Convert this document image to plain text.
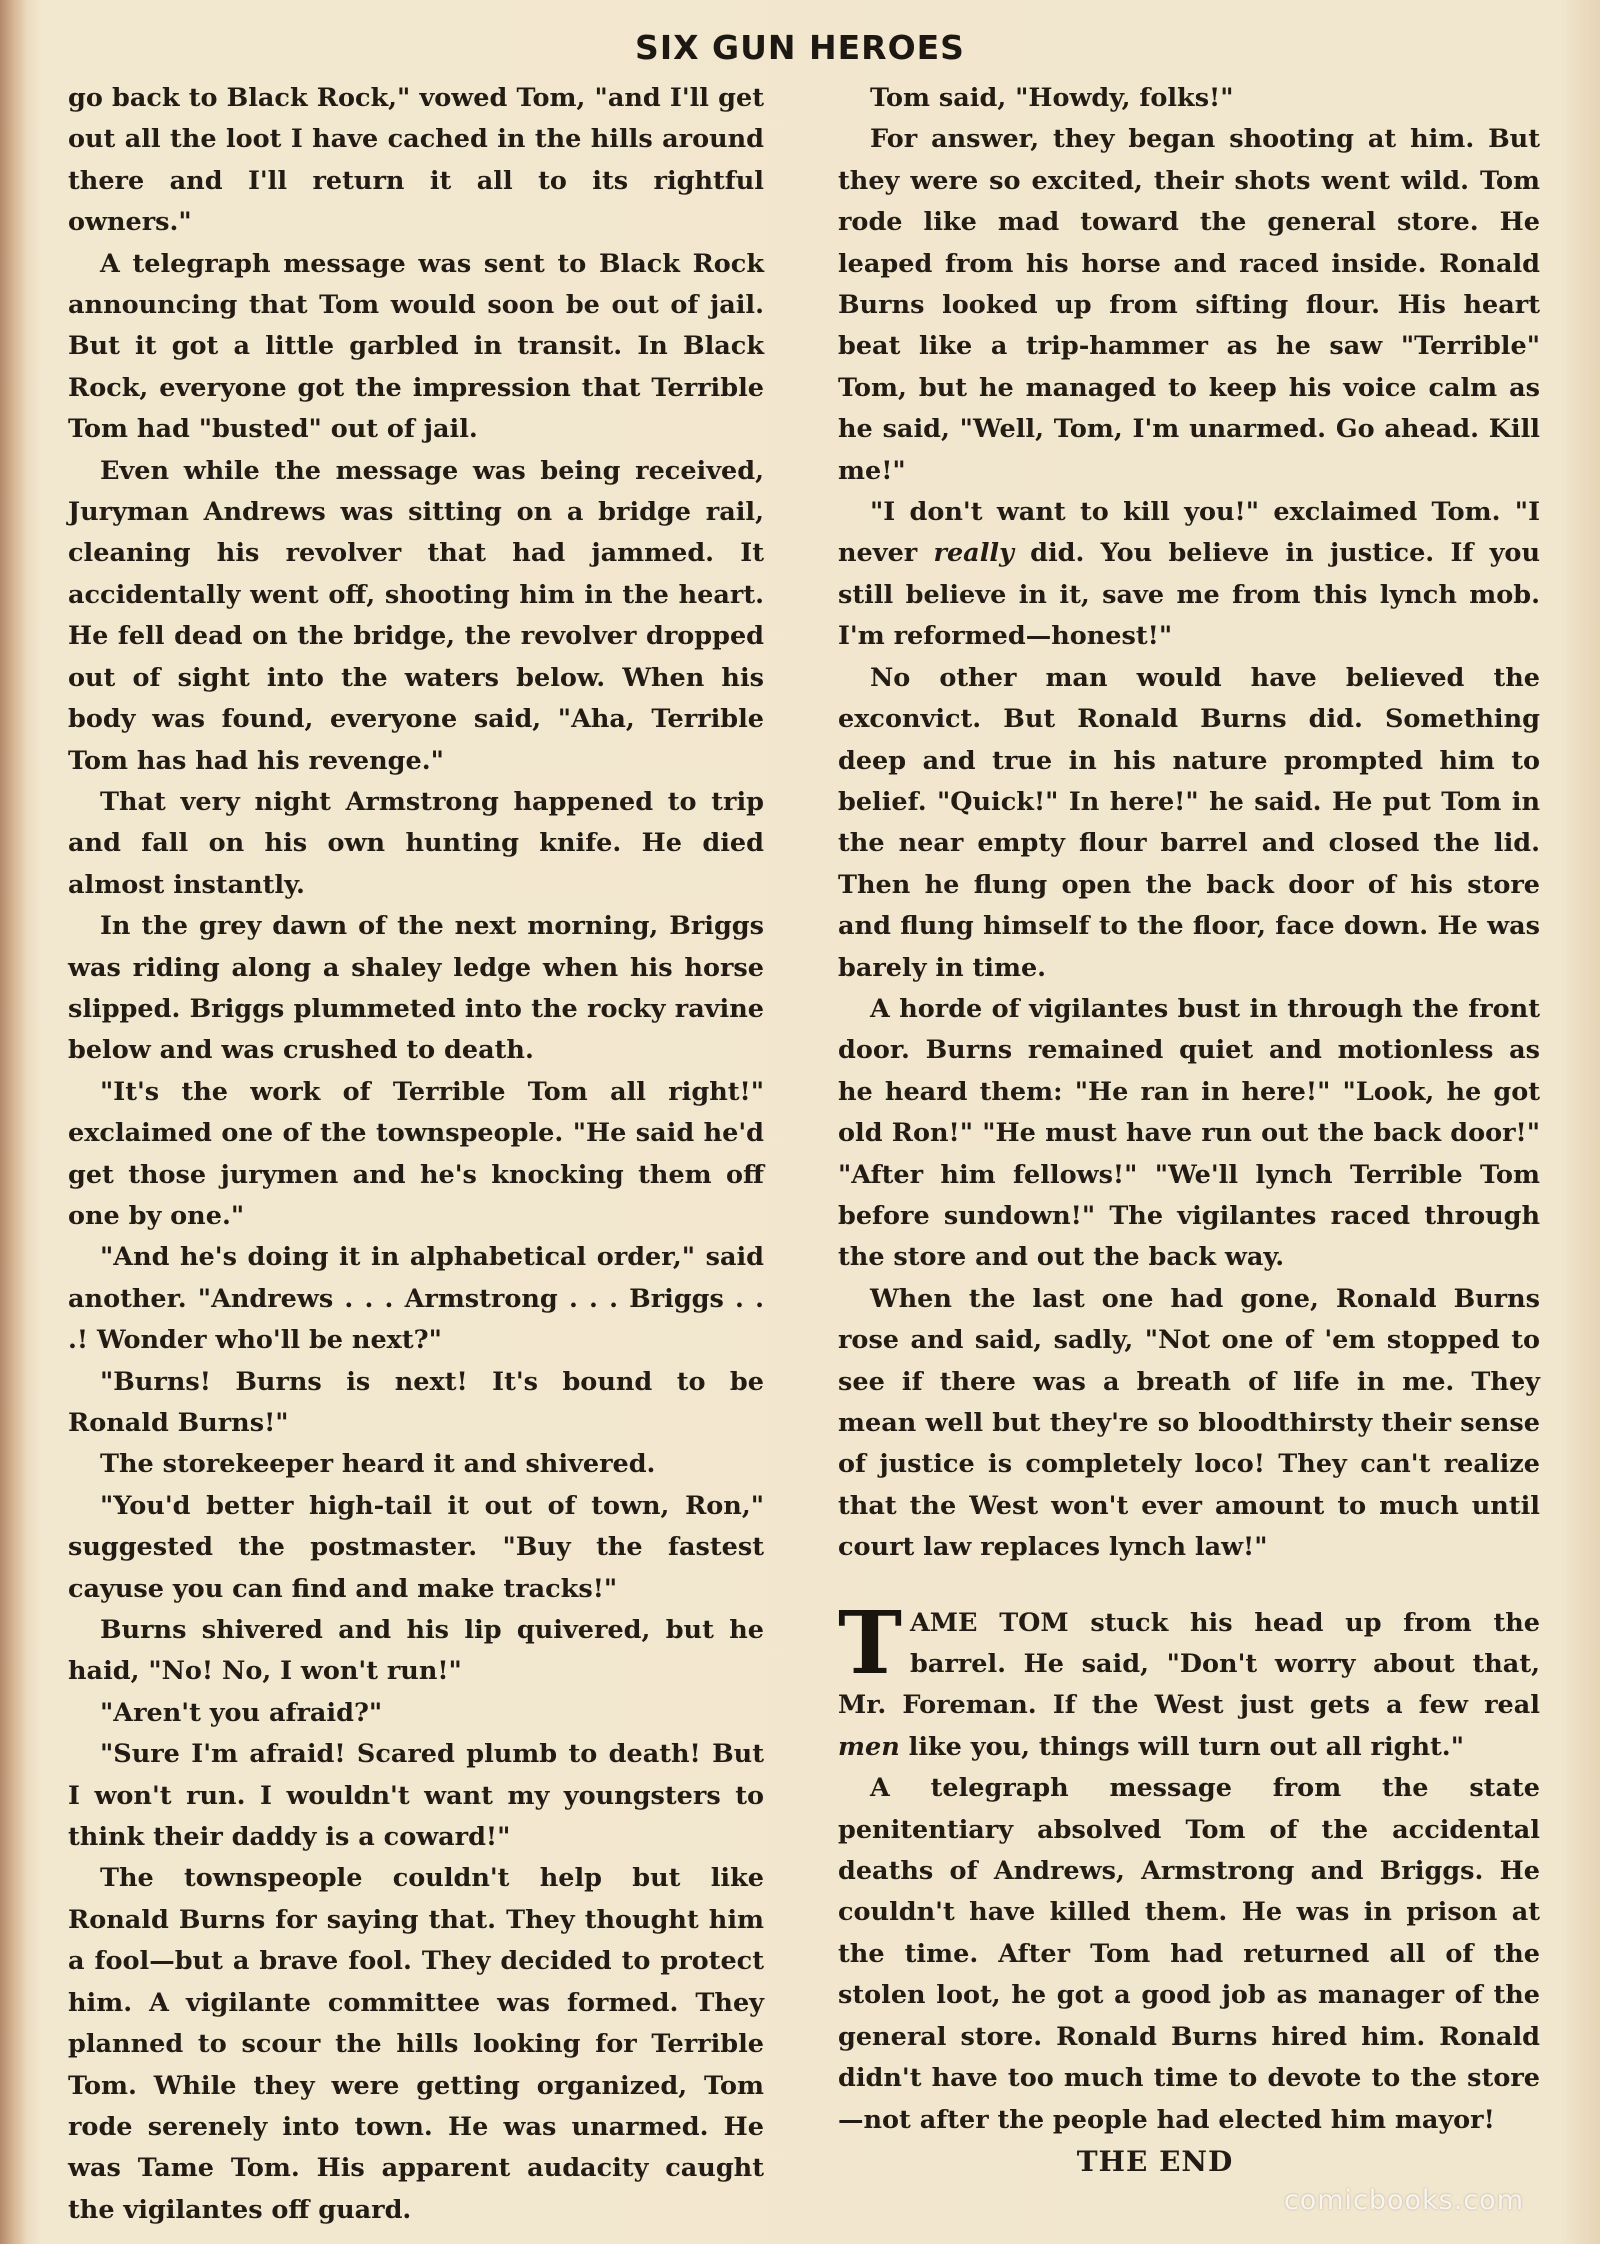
SIX GUN HEROES

go back to Black Rock," vowed Tom, "and I'll get out all the loot I have cached in the hills around there and I'll return it all to its rightful owners."

A telegraph message was sent to Black Rock announcing that Tom would soon be out of jail. But it got a little garbled in transit. In Black Rock, everyone got the impression that Terrible Tom had "busted" out of jail.

Even while the message was being received, Juryman Andrews was sitting on a bridge rail, cleaning his revolver that had jammed. It accidentally went off, shooting him in the heart. He fell dead on the bridge, the revolver dropped out of sight into the waters below. When his body was found, everyone said, "Aha, Terrible Tom has had his revenge."

That very night Armstrong happened to trip and fall on his own hunting knife. He died almost instantly.

In the grey dawn of the next morning, Briggs was riding along a shaley ledge when his horse slipped. Briggs plummeted into the rocky ravine below and was crushed to death.

"It's the work of Terrible Tom all right!" exclaimed one of the townspeople. "He said he'd get those jurymen and he's knocking them off one by one."

"And he's doing it in alphabetical order," said another. "Andrews . . . Armstrong . . . Briggs . . .! Wonder who'll be next?"

"Burns! Burns is next! It's bound to be Ronald Burns!"

The storekeeper heard it and shivered.

"You'd better high-tail it out of town, Ron," suggested the postmaster. "Buy the fastest cayuse you can find and make tracks!"

Burns shivered and his lip quivered, but he haid, "No! No, I won't run!"

"Aren't you afraid?"

"Sure I'm afraid! Scared plumb to death! But I won't run. I wouldn't want my youngsters to think their daddy is a coward!"

The townspeople couldn't help but like Ronald Burns for saying that. They thought him a fool—but a brave fool. They decided to protect him. A vigilante committee was formed. They planned to scour the hills looking for Terrible Tom. While they were getting organized, Tom rode serenely into town. He was unarmed. He was Tame Tom. His apparent audacity caught the vigilantes off guard.

Tom said, "Howdy, folks!"

For answer, they began shooting at him. But they were so excited, their shots went wild. Tom rode like mad toward the general store. He leaped from his horse and raced inside. Ronald Burns looked up from sifting flour. His heart beat like a trip-hammer as he saw "Terrible" Tom, but he managed to keep his voice calm as he said, "Well, Tom, I'm unarmed. Go ahead. Kill me!"

"I don't want to kill you!" exclaimed Tom. "I never really did. You believe in justice. If you still believe in it, save me from this lynch mob. I'm reformed—honest!"

No other man would have believed the exconvict. But Ronald Burns did. Something deep and true in his nature prompted him to belief. "Quick!" In here!" he said. He put Tom in the near empty flour barrel and closed the lid. Then he flung open the back door of his store and flung himself to the floor, face down. He was barely in time.

A horde of vigilantes bust in through the front door. Burns remained quiet and motionless as he heard them: "He ran in here!" "Look, he got old Ron!" "He must have run out the back door!" "After him fellows!" "We'll lynch Terrible Tom before sundown!" The vigilantes raced through the store and out the back way.

When the last one had gone, Ronald Burns rose and said, sadly, "Not one of 'em stopped to see if there was a breath of life in me. They mean well but they're so bloodthirsty their sense of justice is completely loco! They can't realize that the West won't ever amount to much until court law replaces lynch law!"

TAME TOM stuck his head up from the barrel. He said, "Don't worry about that, Mr. Foreman. If the West just gets a few real men like you, things will turn out all right."

A telegraph message from the state penitentiary absolved Tom of the accidental deaths of Andrews, Armstrong and Briggs. He couldn't have killed them. He was in prison at the time. After Tom had returned all of the stolen loot, he got a good job as manager of the general store. Ronald Burns hired him. Ronald didn't have too much time to devote to the store—not after the people had elected him mayor!

THE END

comicbooks.com
